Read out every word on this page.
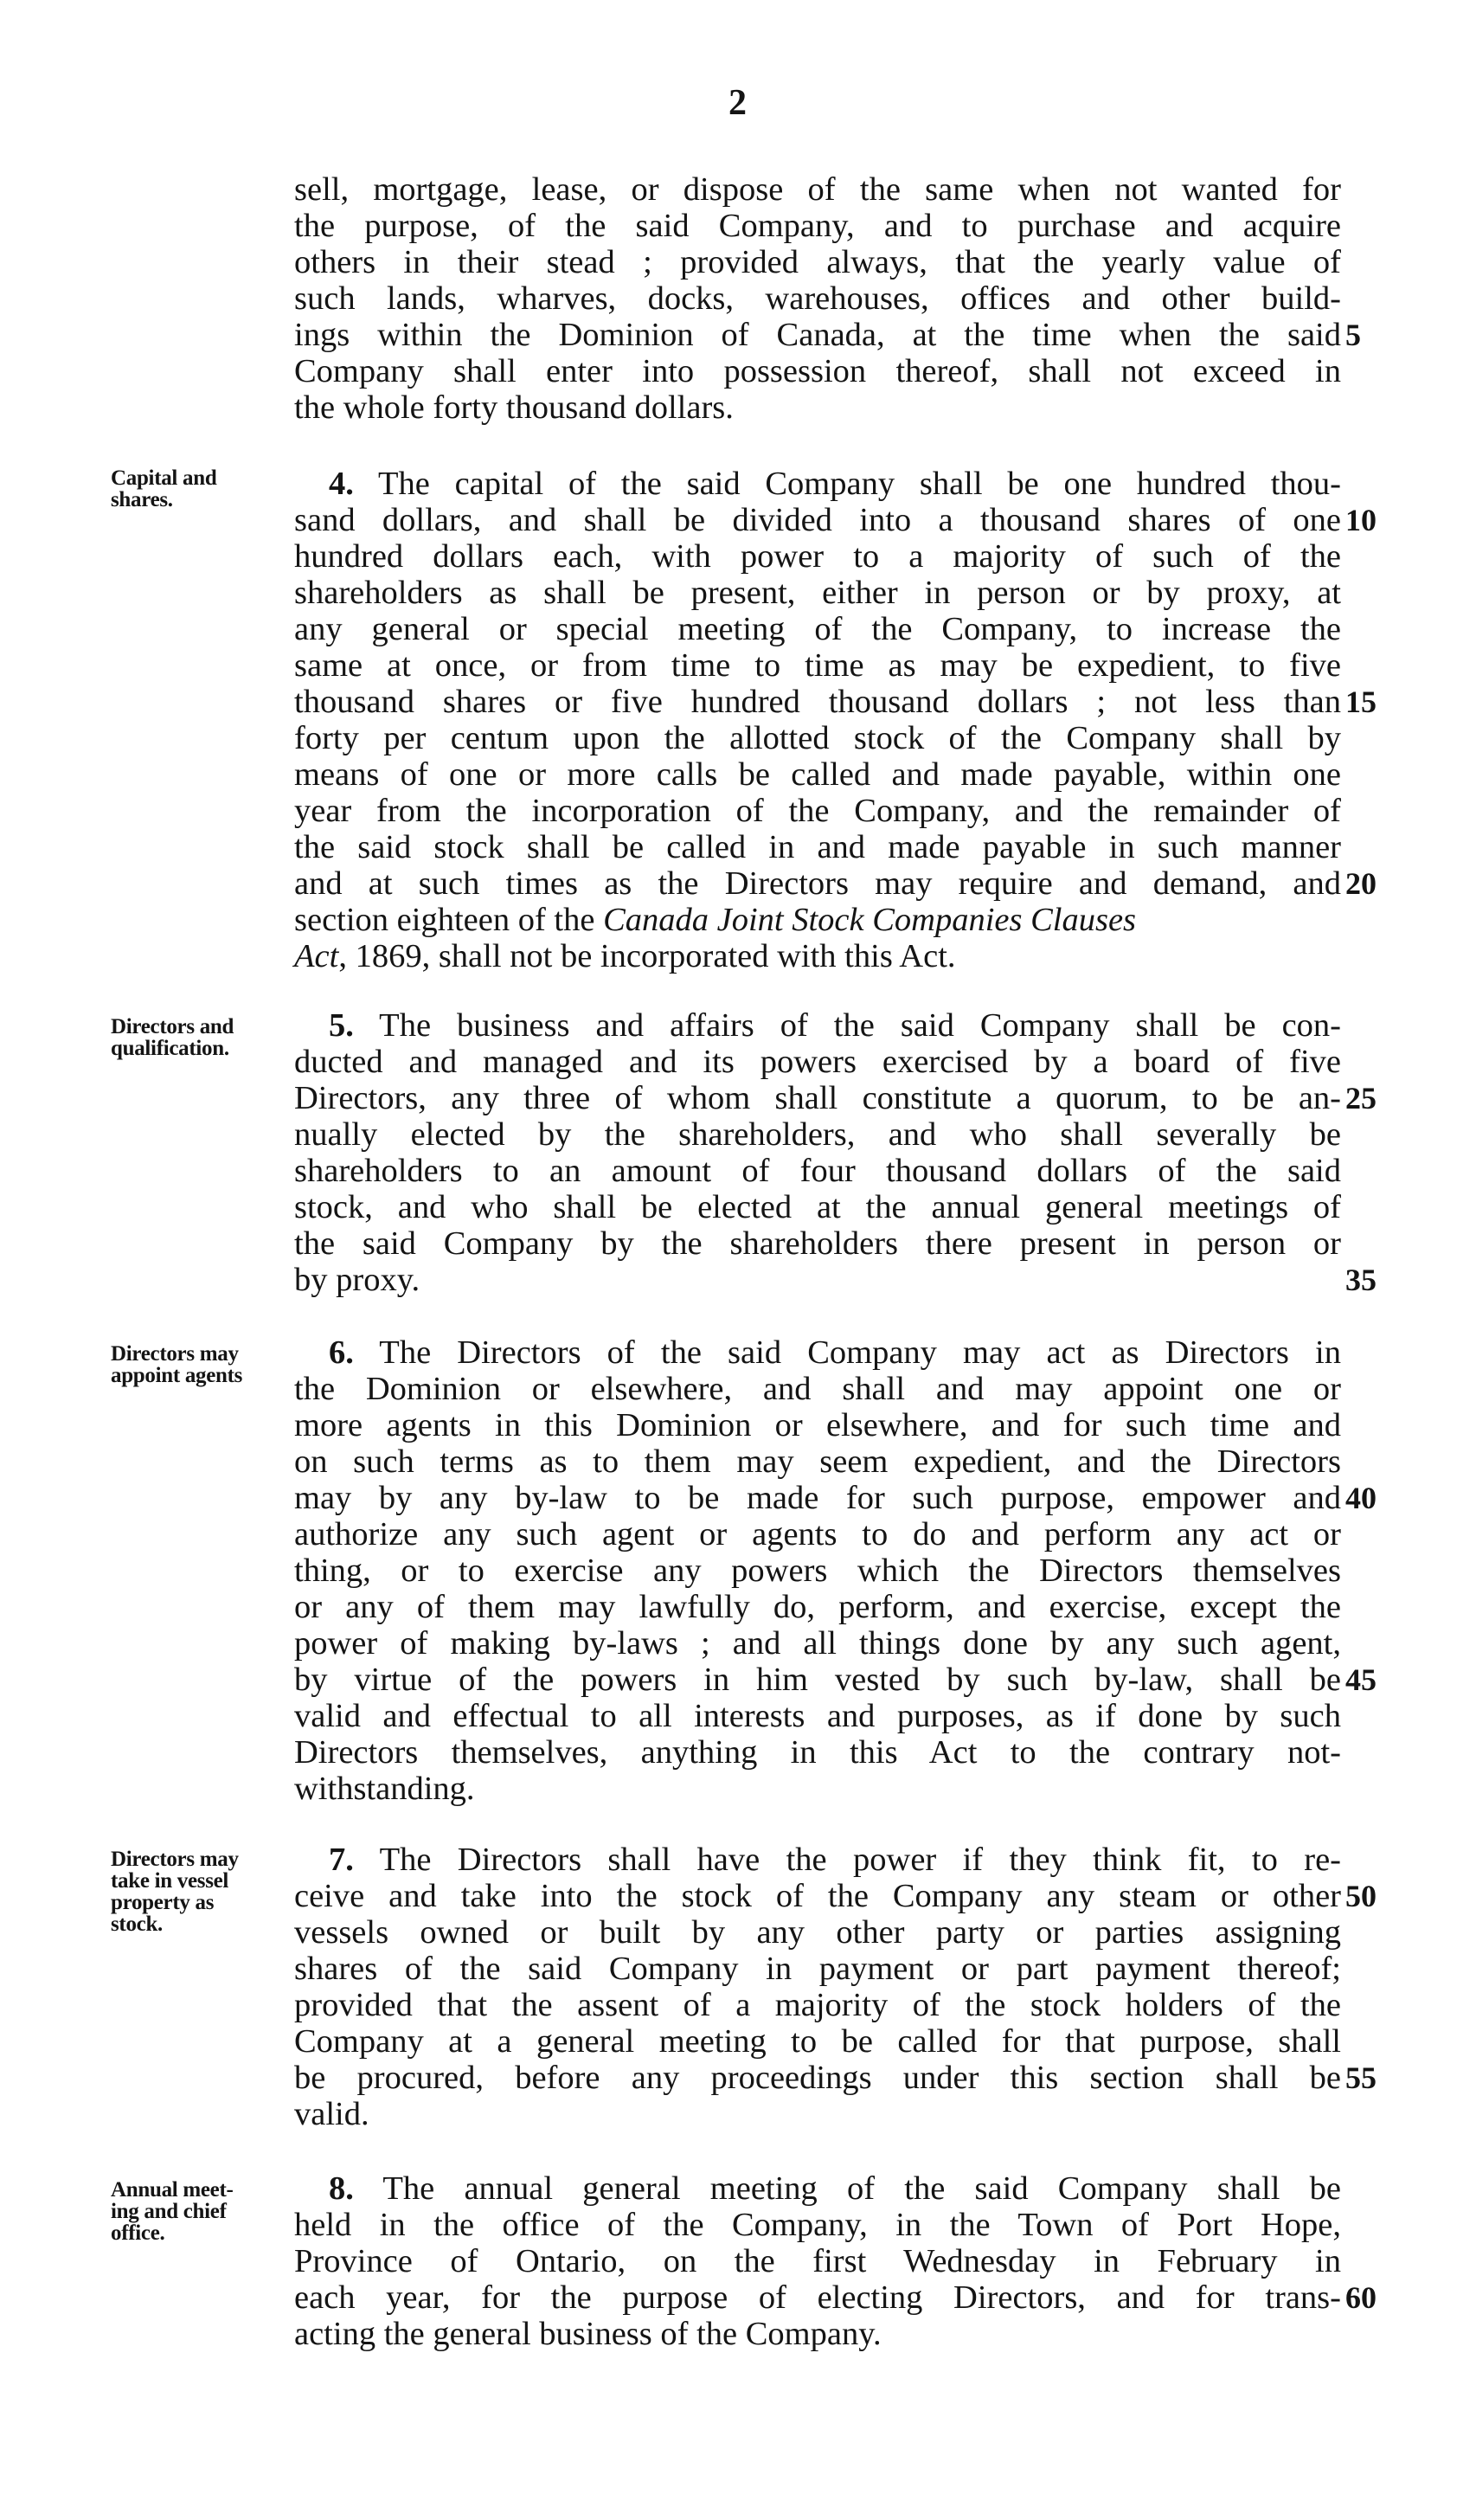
2
sell, mortgage, lease, or dispose of the same when not wanted for
the purpose, of the said Company, and to purchase and acquire
others in their stead ; provided always, that the yearly value of
such lands, wharves, docks, warehouses, offices and other build-
ings within the Dominion of Canada, at the time when the said
Company shall enter into possession thereof, shall not exceed in
the whole forty thousand dollars.
5
Capital and
shares.	4. The capital of the said Company shall be one hundred thou-
sand dollars, and shall be divided into a thousand shares of one
hundred dollars each, with power to a majority of such of the
shareholders as shall be present, either in person or by proxy, at
any general or special meeting of the Company, to increase the
same at once, or from time to time as may be expedient, to five
thousand shares or five hundred thousand dollars ; not less than
forty per centum upon the allotted stock of the Company shall by
means of one or more calls be called and made payable, within one
year from the incorporation of the Company, and the remainder of
the said stock shall be called in and made payable in such manner
and at such times as the Directors may require and demand, and
section eighteen of the Canada Joint Stock Companies Clauses
Act, 1869, shall not be incorporated with this Act.
10
15
20
Directors and
qualification.
5. The business and affairs of the said Company shall be con-
ducted and managed and its powers exercised by a board of five
Directors, any three of whom shall constitute a quorum, to be an-
nually elected by the shareholders, and who shall severally be
shareholders to an amount of four thousand dollars of the said
stock, and who shall be elected at the annual general meetings of
the said Company by the shareholders there present in person or
by proxy.
25
35
Directors may
appoint agents
6. The Directors of the said Company may act as Directors in
the Dominion or elsewhere, and shall and may appoint one or
more agents in this Dominion or elsewhere, and for such time and
on such terms as to them may seem expedient, and the Directors
may by any by-law to be made for such purpose, empower and
authorize any such agent or agents to do and perform any act or
thing, or to exercise any powers which the Directors themselves
or any of them may lawfully do, perform, and exercise, except the
power of making by-laws ; and all things done by any such agent,
by virtue of the powers in him vested by such by-law, shall be
valid and effectual to all interests and purposes, as if done by such
Directors themselves, anything in this Act to the contrary not-
withstanding.
40
45
Directors may
take in vessel
property as
stock.
7. The Directors shall have the power if they think fit, to re-
ceive and take into the stock of the Company any steam or other
vessels owned or built by any other party or parties assigning
shares of the said Company in payment or part payment thereof;
provided that the assent of a majority of the stock holders of the
Company at a general meeting to be called for that purpose, shall
be procured, before any proceedings under this section shall be
valid.
50
55
Annual meet-
ing and chief
office.
8. The annual general meeting of the said Company shall be
held in the office of the Company, in the Town of Port Hope,
Province of Ontario, on the first Wednesday in February in
each year, for the purpose of electing Directors, and for trans-
acting the general business of the Company.
60
